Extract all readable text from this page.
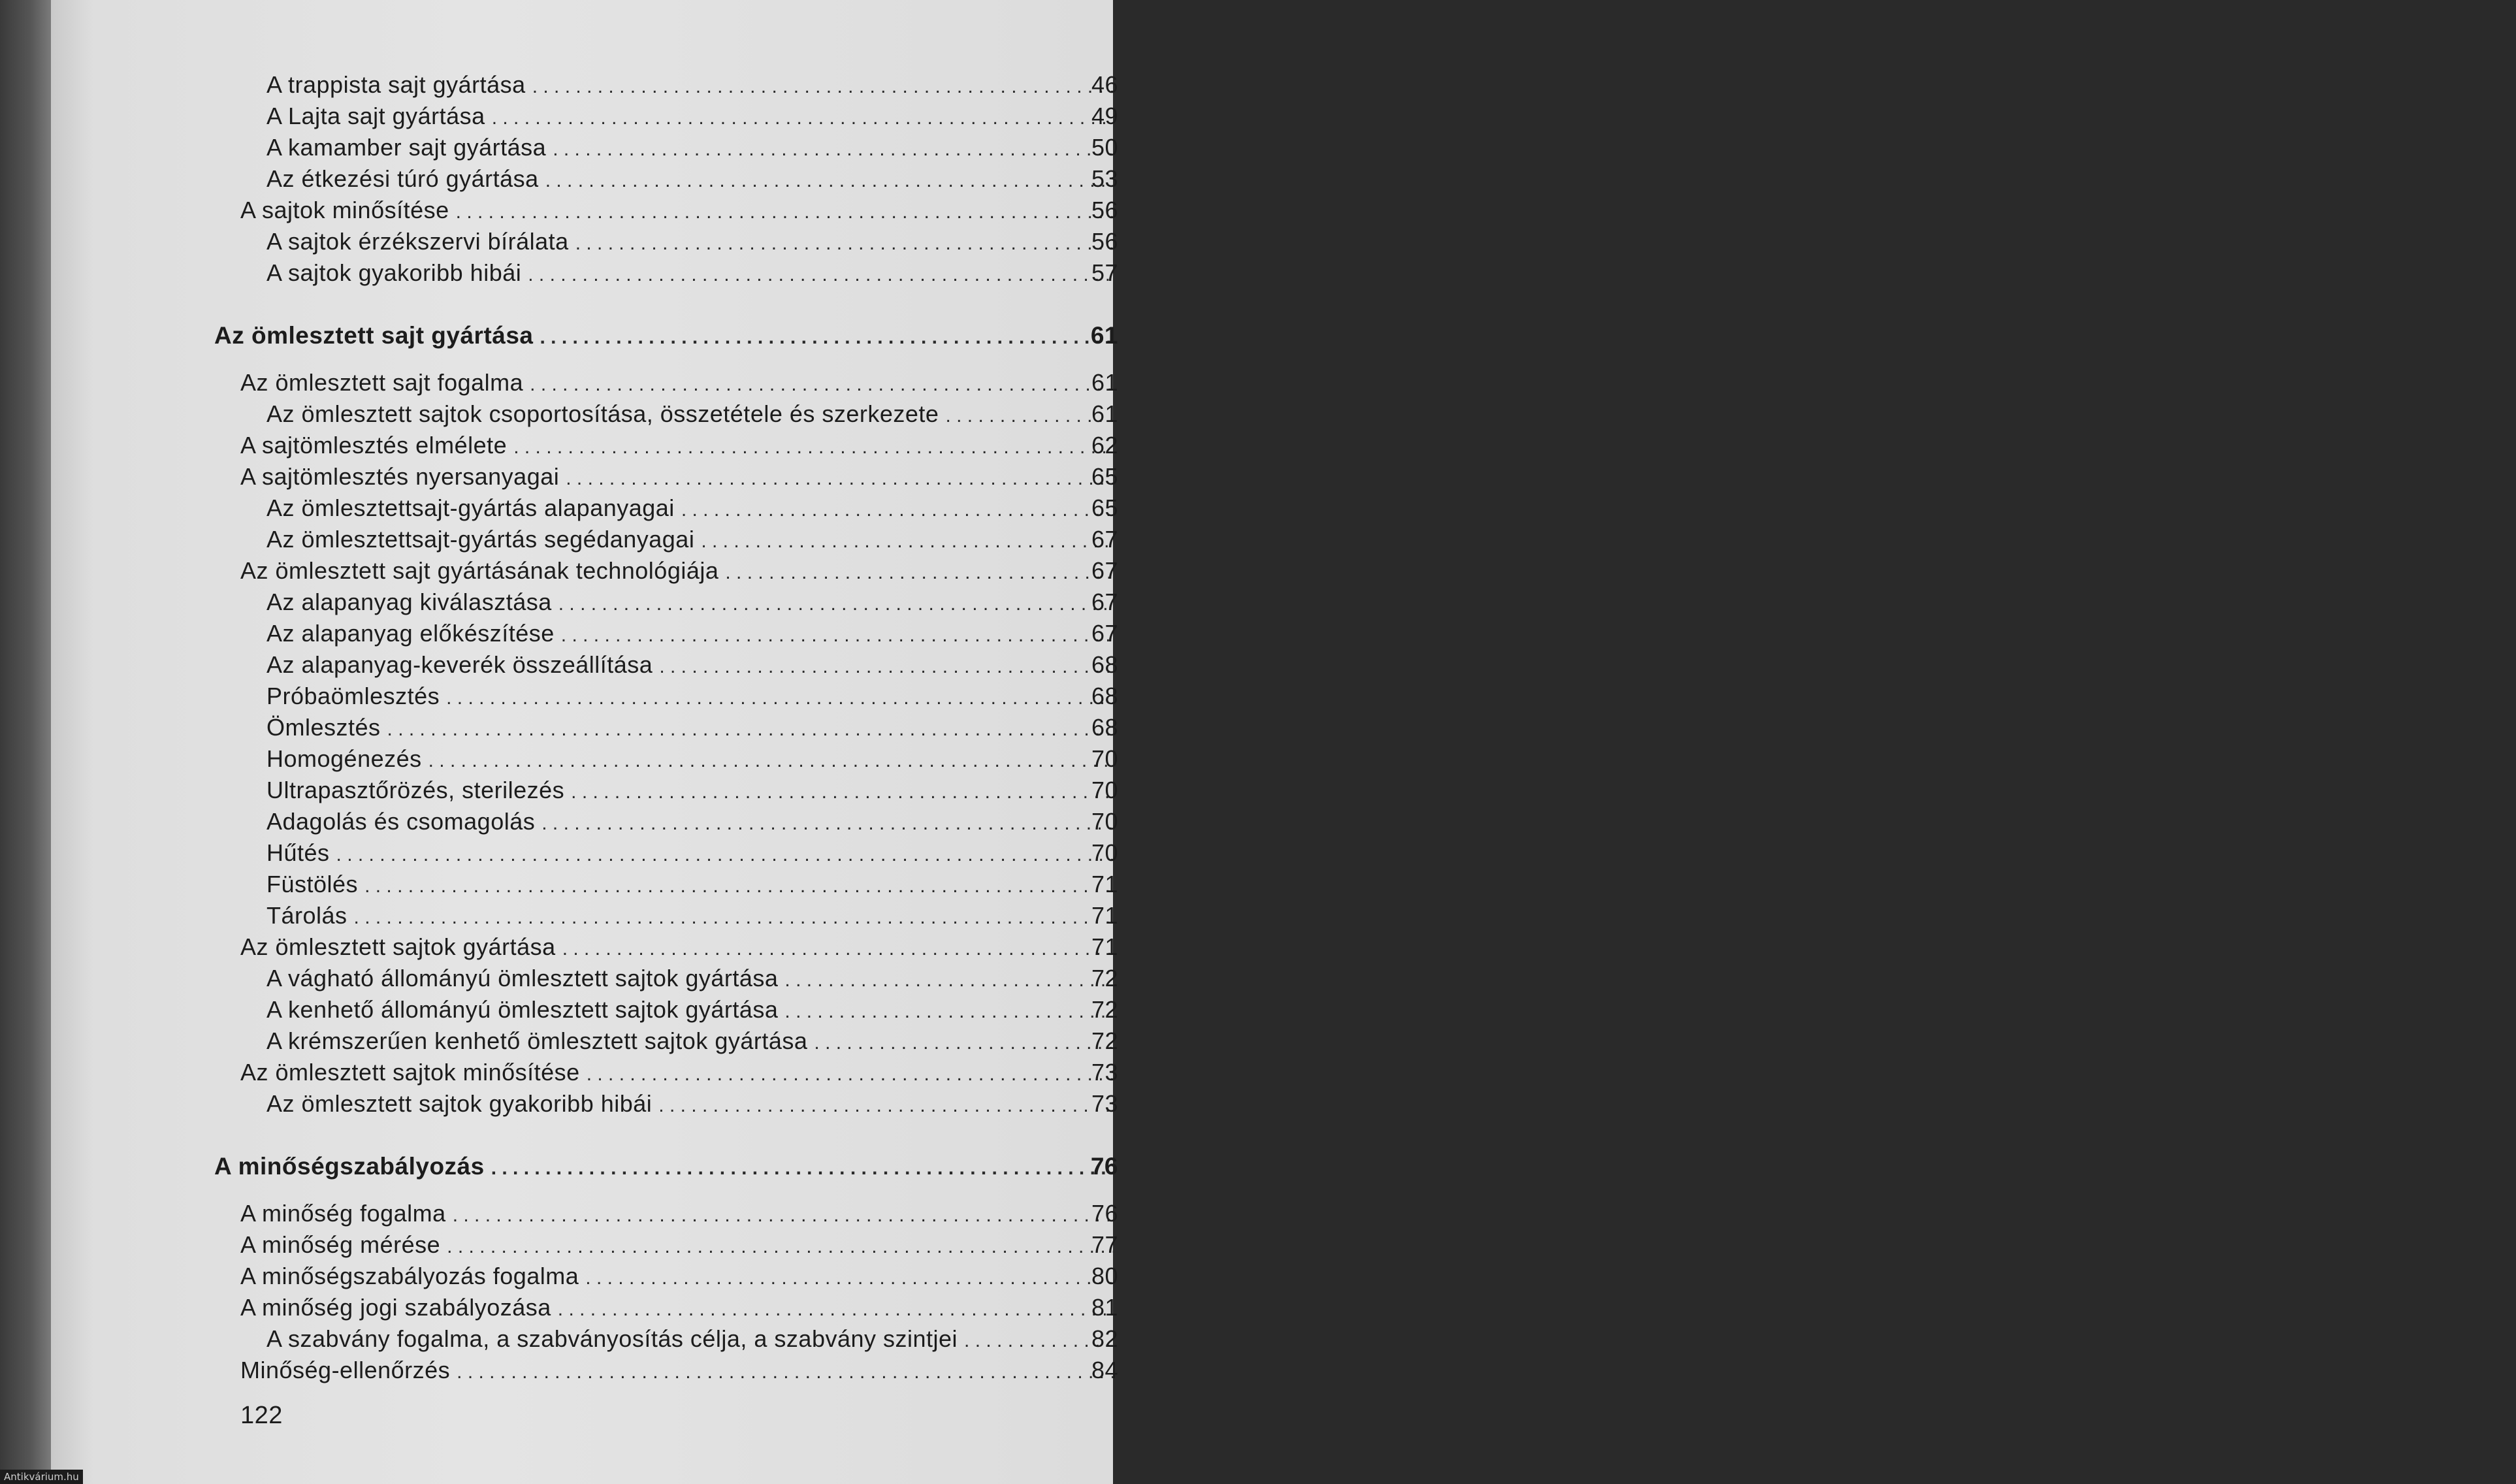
A trappista sajt gyártása . . .	46
A Lajta sajt gyártása . . .	49
A kamamber sajt gyártása . . .	50
Az étkezési túró gyártása . . .	53
A sajtok minősítése . . .	56
A sajtok érzékszervi bírálata . . .	56
A sajtok gyakoribb hibái . . .	57
Az ömlesztett sajt gyártása . . .	61
Az ömlesztett sajt fogalma . . .	61
Az ömlesztett sajtok csoportosítása, összetétele és szerkezete . . .	61
A sajtömlesztés elmélete . . .	62
A sajtömlesztés nyersanyagai . . .	65
Az ömlesztettsajt-gyártás alapanyagai . . .	65
Az ömlesztettsajt-gyártás segédanyagai . . .	67
Az ömlesztett sajt gyártásának technológiája . . .	67
Az alapanyag kiválasztása . . .	67
Az alapanyag előkészítése . . .	67
Az alapanyag-keverék összeállítása . . .	68
Próbaömlesztés . . .	68
Ömlesztés . . .	68
Homogénezés . . .	70
Ultrapasztőrözés, sterilezés . . .	70
Adagolás és csomagolás . . .	70
Hűtés . . .	70
Füstölés . . .	71
Tárolás . . .	71
Az ömlesztett sajtok gyártása . . .	71
A vágható állományú ömlesztett sajtok gyártása . . .	72
A kenhető állományú ömlesztett sajtok gyártása . . .	72
A krémszerűen kenhető ömlesztett sajtok gyártása . . .	72
Az ömlesztett sajtok minősítése . . .	73
Az ömlesztett sajtok gyakoribb hibái . . .	73
A minőségszabályozás . . .	76
A minőség fogalma . . .	76
A minőség mérése . . .	77
A minőségszabályozás fogalma . . .	80
A minőség jogi szabályozása . . .	81
A szabvány fogalma, a szabványosítás célja, a szabvány szintjei . . .	82
Minőség-ellenőrzés . . .	84
122
Antikvárium.hu
